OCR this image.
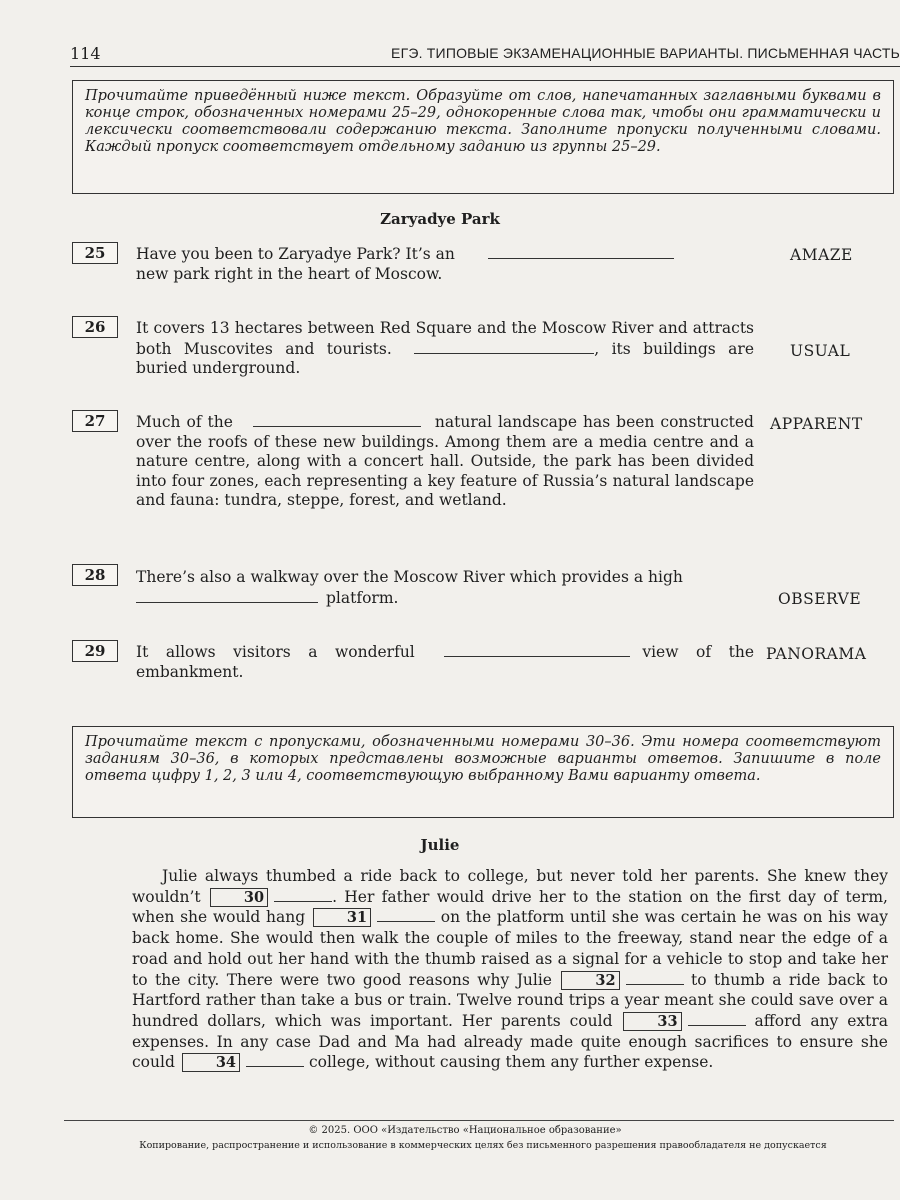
114	ЕГЭ. ТИПОВЫЕ ЭКЗАМЕНАЦИОННЫЕ ВАРИАНТЫ. ПИСЬМЕННАЯ ЧАСТЬ
Прочитайте приведённый ниже текст. Образуйте от слов, напечатанных заглавными буквами в конце строк, обозначенных номерами 25–29, однокоренные слова так, чтобы они грамматически и лексически соответствовали содержанию текста. Заполните пропуски полученными словами. Каждый пропуск соответствует отдельному заданию из группы 25–29.
Zaryadye Park
25	Have you been to Zaryadye Park? It’s an
new park right in the heart of Moscow.
AMAZE
26	It covers 13 hectares between Red Square and the Moscow River and attracts both Muscovites and tourists.	, its buildings are buried underground.
USUAL
27	Much of the	natural landscape has been constructed over the roofs of these new buildings. Among them are a media centre and a nature centre, along with a concert hall. Outside, the park has been divided into four zones, each representing a key feature of Russia’s natural landscape and fauna: tundra, steppe, forest, and wetland.
APPARENT
28	There’s also a walkway over the Moscow River which provides a high
platform.	OBSERVE
29	It allows visitors a wonderful	view of the embankment.
PANORAMA
Прочитайте текст с пропусками, обозначенными номерами 30–36. Эти номера соответствуют заданиям 30–36, в которых представлены возможные варианты ответов. Запишите в поле ответа цифру 1, 2, 3 или 4, соответствующую выбранному Вами варианту ответа.
Julie

Julie always thumbed a ride back to college, but never told her parents. She knew they wouldn’t	30	. Her father would drive her to the station on the first day of term, when she would hang	31	on the platform until she was certain he was on his way back home. She would then walk the couple of miles to the freeway, stand near the edge of a road and hold out her hand with the thumb raised as a signal for a vehicle to stop and take her to the city. There were two good reasons why Julie	32	to thumb a ride back to Hartford rather than take a bus or train. Twelve round trips a year meant she could save over a hundred dollars, which was important. Her parents could	33	afford any extra expenses. In any case Dad and Ma had already made quite enough sacrifices to ensure she could	34	college, without causing them any further expense.

© 2025. ООО «Издательство «Национальное образование»
Копирование, распространение и использование в коммерческих целях без письменного разрешения правообладателя не допускается
